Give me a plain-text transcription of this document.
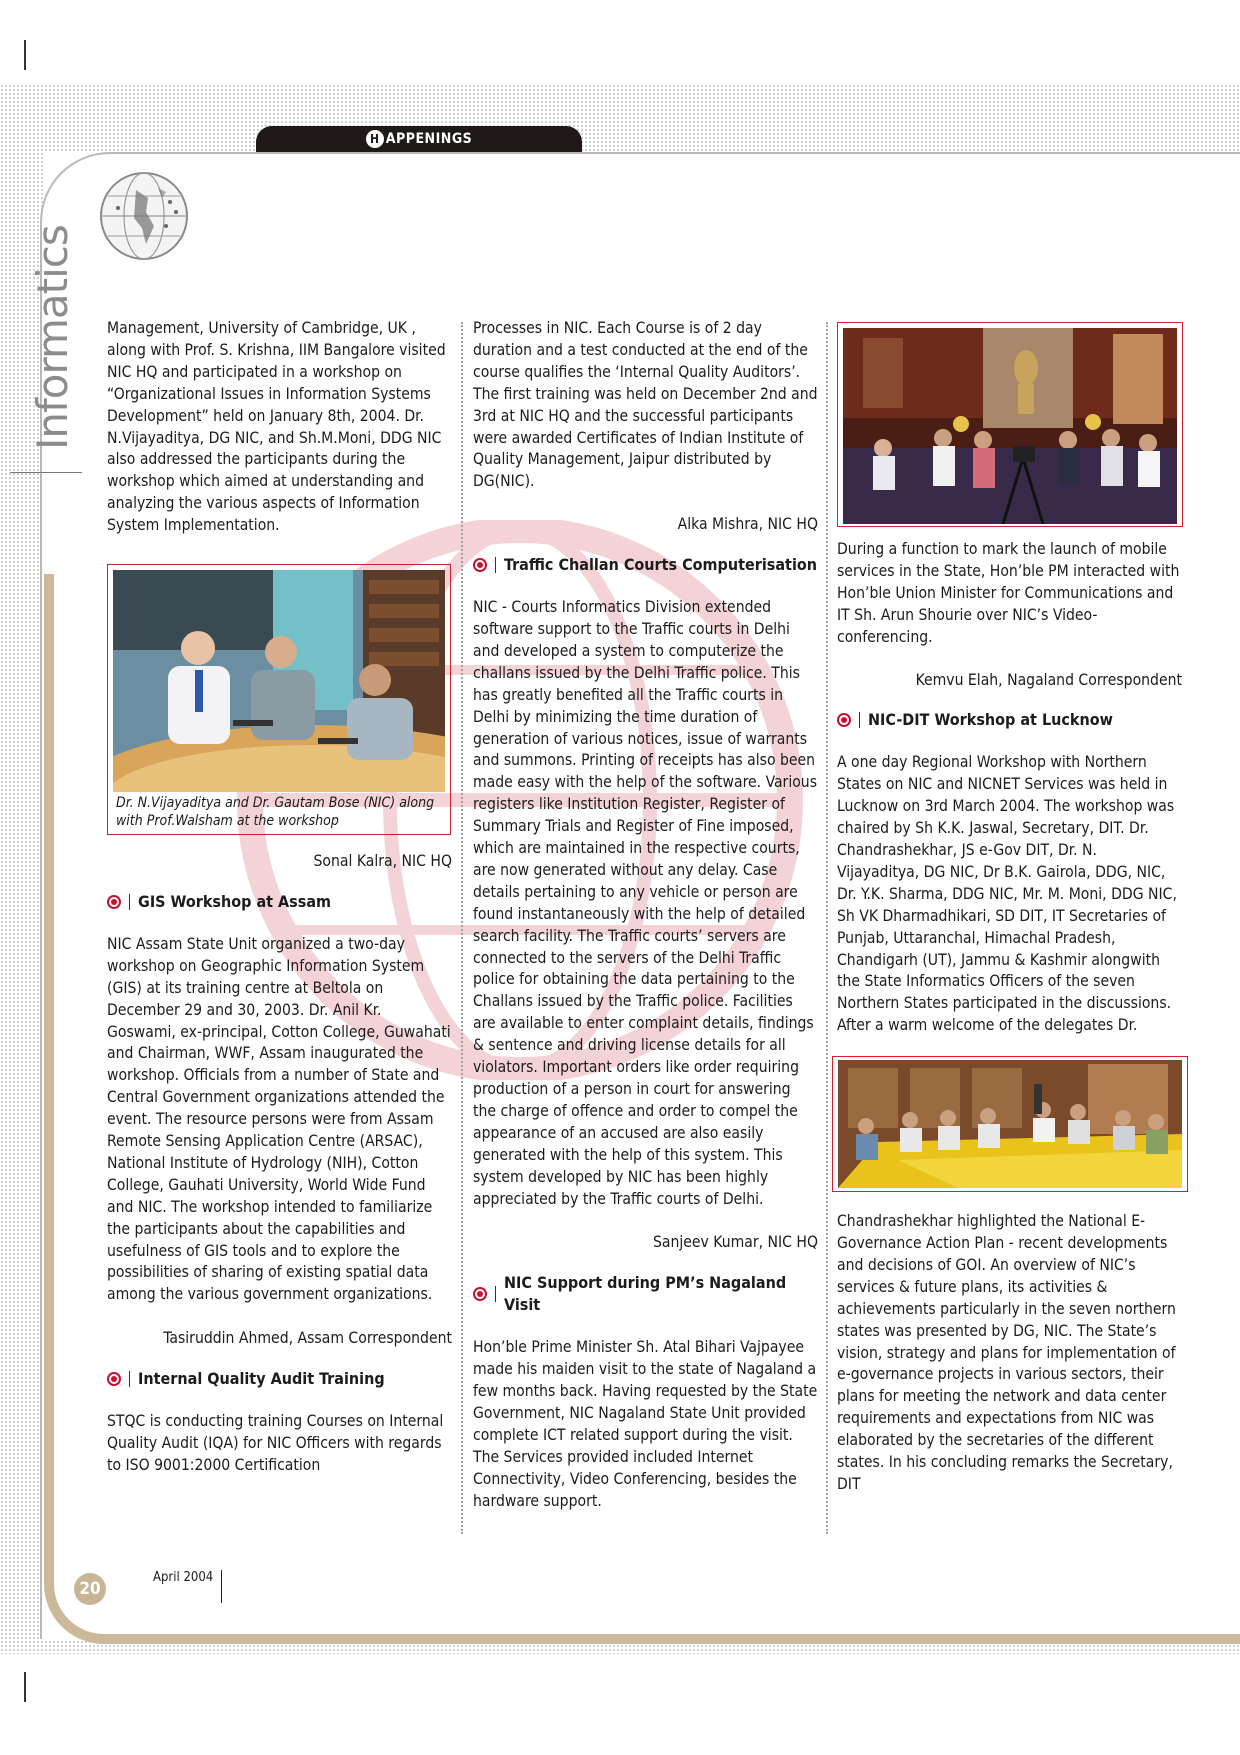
H APPENINGS
Informatics Management, University of Cambridge, UK , along with Prof. S. Krishna, IIM Bangalore visited NIC HQ and participated in a workshop on “Organizational Issues in Information Systems Development” held on January 8th, 2004. Dr. N.Vijayaditya, DG NIC, and Sh.M.Moni, DDG NIC also addressed the participants during the workshop which aimed at understanding and analyzing the various aspects of Information System Implementation.

Dr. N.Vijayaditya and Dr. Gautam Bose (NIC) along with Prof.Walsham at the workshop

Sonal Kalra, NIC HQ

GIS Workshop at Assam

NIC Assam State Unit organized a two-day workshop on Geographic Information System (GIS) at its training centre at Beltola on December 29 and 30, 2003. Dr. Anil Kr. Goswami, ex-principal, Cotton College, Guwahati and Chairman, WWF, Assam inaugurated the workshop. Officials from a number of State and Central Government organizations attended the event. The resource persons were from Assam Remote Sensing Application Centre (ARSAC), National Institute of Hydrology (NIH), Cotton College, Gauhati University, World Wide Fund and NIC. The workshop intended to familiarize the participants about the capabilities and usefulness of GIS tools and to explore the possibilities of sharing of existing spatial data among the various government organizations.

Tasiruddin Ahmed, Assam Correspondent

Internal Quality Audit Training

STQC is conducting training Courses on Internal Quality Audit (IQA) for NIC Officers with regards to ISO 9001:2000 Certification

Processes in NIC. Each Course is of 2 day duration and a test conducted at the end of the course qualifies the ‘Internal Quality Auditors’. The first training was held on December 2nd and 3rd at NIC HQ and the successful participants were awarded Certificates of Indian Institute of Quality Management, Jaipur distributed by DG(NIC).

Alka Mishra, NIC HQ

Traffic Challan Courts Computerisation

NIC - Courts Informatics Division extended software support to the Traffic courts in Delhi and developed a system to computerize the challans issued by the Delhi Traffic police. This has greatly benefited all the Traffic courts in Delhi by minimizing the time duration of generation of various notices, issue of warrants and summons. Printing of receipts has also been made easy with the help of the software. Various registers like Institution Register, Register of Summary Trials and Register of Fine imposed, which are maintained in the respective courts, are now generated without any delay. Case details pertaining to any vehicle or person are found instantaneously with the help of detailed search facility. The Traffic courts’ servers are connected to the servers of the Delhi Traffic police for obtaining the data pertaining to the Challans issued by the Traffic police. Facilities are available to enter complaint details, findings & sentence and driving license details for all violators. Important orders like order requiring production of a person in court for answering the charge of offence and order to compel the appearance of an accused are also easily generated with the help of this system. This system developed by NIC has been highly appreciated by the Traffic courts of Delhi.

Sanjeev Kumar, NIC HQ

NIC Support during PM’s Nagaland Visit

Hon’ble Prime Minister Sh. Atal Bihari Vajpayee made his maiden visit to the state of Nagaland a few months back. Having requested by the State Government, NIC Nagaland State Unit provided complete ICT related support during the visit. The Services provided included Internet Connectivity, Video Conferencing, besides the hardware support.

During a function to mark the launch of mobile services in the State, Hon’ble PM interacted with Hon’ble Union Minister for Communications and IT Sh. Arun Shourie over NIC’s Video-conferencing.

Kemvu Elah, Nagaland Correspondent

NIC-DIT Workshop at Lucknow

A one day Regional Workshop with Northern States on NIC and NICNET Services was held in Lucknow on 3rd March 2004. The workshop was chaired by Sh K.K. Jaswal, Secretary, DIT. Dr. Chandrashekhar, JS e-Gov DIT, Dr. N. Vijayaditya, DG NIC, Dr B.K. Gairola, DDG, NIC, Dr. Y.K. Sharma, DDG NIC, Mr. M. Moni, DDG NIC, Sh VK Dharmadhikari, SD DIT, IT Secretaries of Punjab, Uttaranchal, Himachal Pradesh, Chandigarh (UT), Jammu & Kashmir alongwith the State Informatics Officers of the seven Northern States participated in the discussions.

After a warm welcome of the delegates Dr.

Chandrashekhar highlighted the National E-Governance Action Plan - recent developments and decisions of GOI. An overview of NIC’s services & future plans, its activities & achievements particularly in the seven northern states was presented by DG, NIC. The State’s vision, strategy and plans for implementation of e-governance projects in various sectors, their plans for meeting the network and data center requirements and expectations from NIC was elaborated by the secretaries of the different states. In his concluding remarks the Secretary, DIT

20
April 2004
